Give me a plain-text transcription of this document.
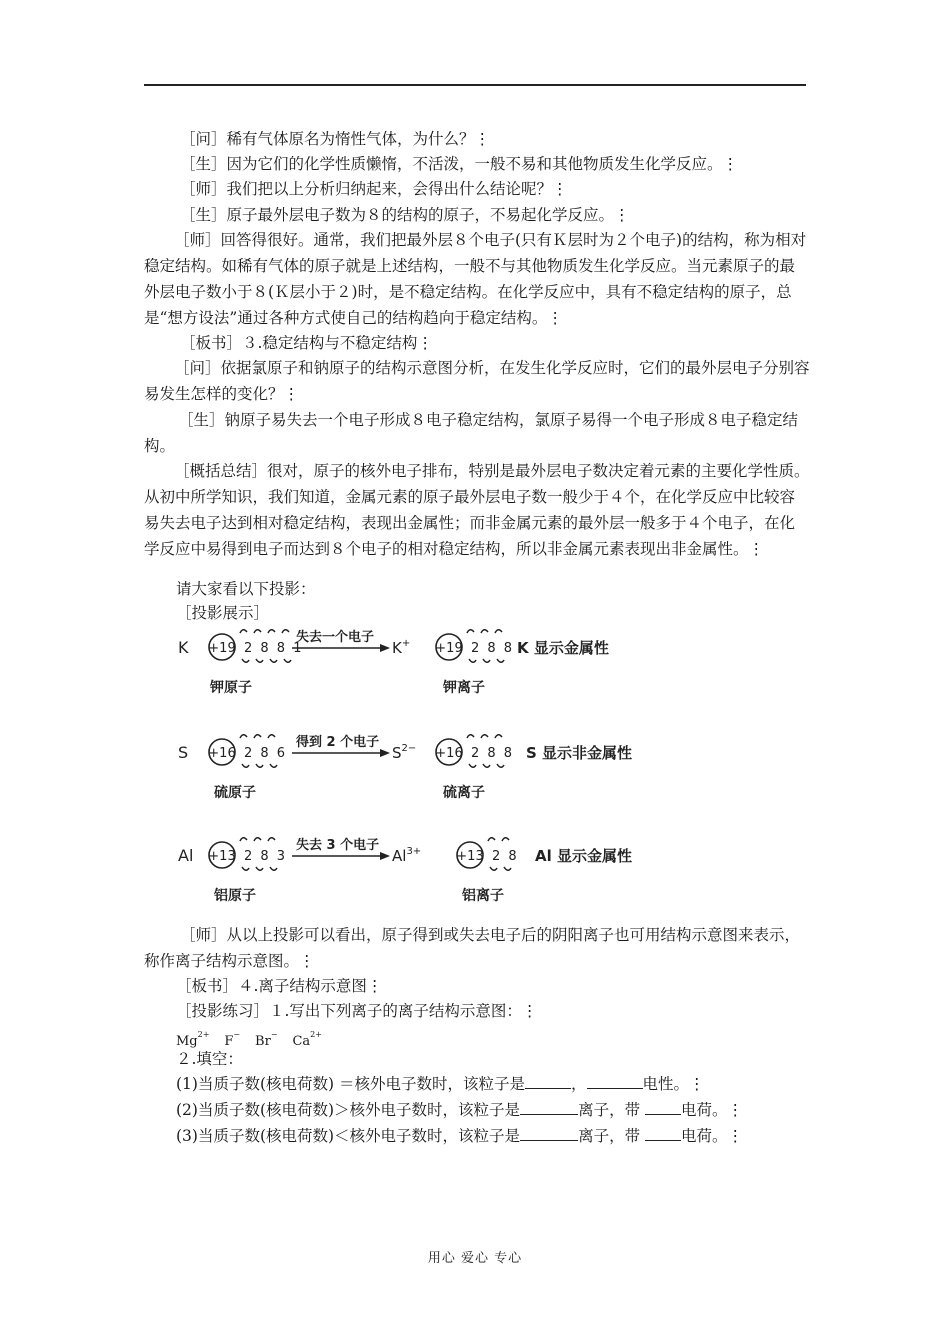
［问］稀有气体原名为惰性气体，为什么？⋮
［生］因为它们的化学性质懒惰，不活泼，一般不易和其他物质发生化学反应。⋮
［师］我们把以上分析归纳起来，会得出什么结论呢？⋮
［生］原子最外层电子数为８的结构的原子，不易起化学反应。⋮
［师］回答得很好。通常，我们把最外层８个电子(只有Ｋ层时为２个电子)的结构，称为相对稳定结构。如稀有气体的原子就是上述结构，一般不与其他物质发生化学反应。当元素原子的最外层电子数小于８(Ｋ层小于２)时，是不稳定结构。在化学反应中，具有不稳定结构的原子，总是“想方设法”通过各种方式使自己的结构趋向于稳定结构。⋮
［板书］３.稳定结构与不稳定结构⋮
［问］依据氯原子和钠原子的结构示意图分析，在发生化学反应时，它们的最外层电子分别容易发生怎样的变化？⋮
［生］钠原子易失去一个电子形成８电子稳定结构，氯原子易得一个电子形成８电子稳定结构。
［概括总结］很对，原子的核外电子排布，特别是最外层电子数决定着元素的主要化学性质。从初中所学知识，我们知道，金属元素的原子最外层电子数一般少于４个，在化学反应中比较容易失去电子达到相对稳定结构，表现出金属性；而非金属元素的最外层一般多于４个电子，在化学反应中易得到电子而达到８个电子的相对稳定结构，所以非金属元素表现出非金属性。⋮
请大家看以下投影：
［投影展示］
K +19 2 8 8 1
失去一个电子
K+ +19 2 8 8 K 显示金属性
钾原子	钾离子
S +16 2 8 6
得到 2 个电子
$S^{2-} +16$ 2 8 8 S 显示非金属性
硫原子	硫离子
Al +13 2 8 3
失去 3 个电子
$Al^{3+}$	+13 2 8 Al 显示金属性
铝原子	铝离子
［师］从以上投影可以看出，原子得到或失去电子后的阴阳离子也可用结构示意图来表示，称作离子结构示意图。⋮
［板书］４.离子结构示意图⋮
［投影练习］１.写出下列离子的离子结构示意图：⋮
$Mg^{2+}$ F− Br− $Ca^{2+}$
２.填空：
(1)当质子数(核电荷数) ＝核外电子数时，该粒子是	，	电性。⋮
(2)当质子数(核电荷数)＞核外电子数时，该粒子是	离子，带 电荷。⋮
(3)当质子数(核电荷数)＜核外电子数时，该粒子是	离子，带 电荷。⋮
用心 爱心 专心
